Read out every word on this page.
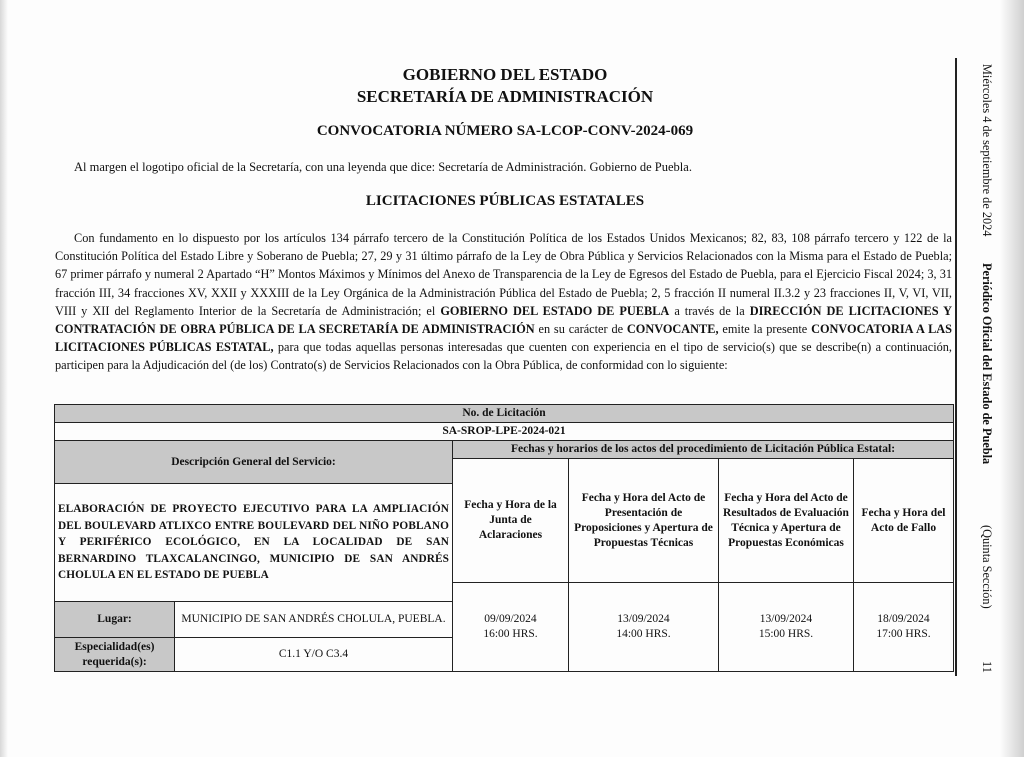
GOBIERNO DEL ESTADO
SECRETARÍA DE ADMINISTRACIÓN
CONVOCATORIA NÚMERO SA-LCOP-CONV-2024-069
Al margen el logotipo oficial de la Secretaría, con una leyenda que dice: Secretaría de Administración. Gobierno de Puebla.
LICITACIONES PÚBLICAS ESTATALES
Con fundamento en lo dispuesto por los artículos 134 párrafo tercero de la Constitución Política de los Estados Unidos Mexicanos; 82, 83, 108 párrafo tercero y 122 de la Constitución Política del Estado Libre y Soberano de Puebla; 27, 29 y 31 último párrafo de la Ley de Obra Pública y Servicios Relacionados con la Misma para el Estado de Puebla; 67 primer párrafo y numeral 2 Apartado “H” Montos Máximos y Mínimos del Anexo de Transparencia de la Ley de Egresos del Estado de Puebla, para el Ejercicio Fiscal 2024; 3, 31 fracción III, 34 fracciones XV, XXII y XXXIII de la Ley Orgánica de la Administración Pública del Estado de Puebla; 2, 5 fracción II numeral II.3.2 y 23 fracciones II, V, VI, VII, VIII y XII del Reglamento Interior de la Secretaría de Administración; el GOBIERNO DEL ESTADO DE PUEBLA a través de la DIRECCIÓN DE LICITACIONES Y CONTRATACIÓN DE OBRA PÚBLICA DE LA SECRETARÍA DE ADMINISTRACIÓN en su carácter de CONVOCANTE, emite la presente CONVOCATORIA A LAS LICITACIONES PÚBLICAS ESTATAL, para que todas aquellas personas interesadas que cuenten con experiencia en el tipo de servicio(s) que se describe(n) a continuación, participen para la Adjudicación del (de los) Contrato(s) de Servicios Relacionados con la Obra Pública, de conformidad con lo siguiente:
No. de Licitación
SA-SROP-LPE-2024-021
Descripción General del Servicio:
Fechas y horarios de los actos del procedimiento de Licitación Pública Estatal:
Fecha y Hora de la Junta de Aclaraciones
Fecha y Hora del Acto de Presentación de Proposiciones y Apertura de Propuestas Técnicas
Fecha y Hora del Acto de Resultados de Evaluación Técnica y Apertura de Propuestas Económicas
Fecha y Hora del Acto de Fallo
ELABORACIÓN DE PROYECTO EJECUTIVO PARA LA AMPLIACIÓN DEL BOULEVARD ATLIXCO ENTRE BOULEVARD DEL NIÑO POBLANO Y PERIFÉRICO ECOLÓGICO, EN LA LOCALIDAD DE SAN BERNARDINO TLAXCALANCINGO, MUNICIPIO DE SAN ANDRÉS CHOLULA EN EL ESTADO DE PUEBLA
09/09/2024
16:00 HRS.
13/09/2024
14:00 HRS.
13/09/2024
15:00 HRS.
18/09/2024
17:00 HRS.
Lugar:	MUNICIPIO DE SAN ANDRÉS CHOLULA, PUEBLA.
Especialidad(es) requerida(s):
C1.1 Y/O C3.4
Miércoles 4 de septiembre de 2024
Periódico Oficial del Estado de Puebla
(Quinta Sección)
11
